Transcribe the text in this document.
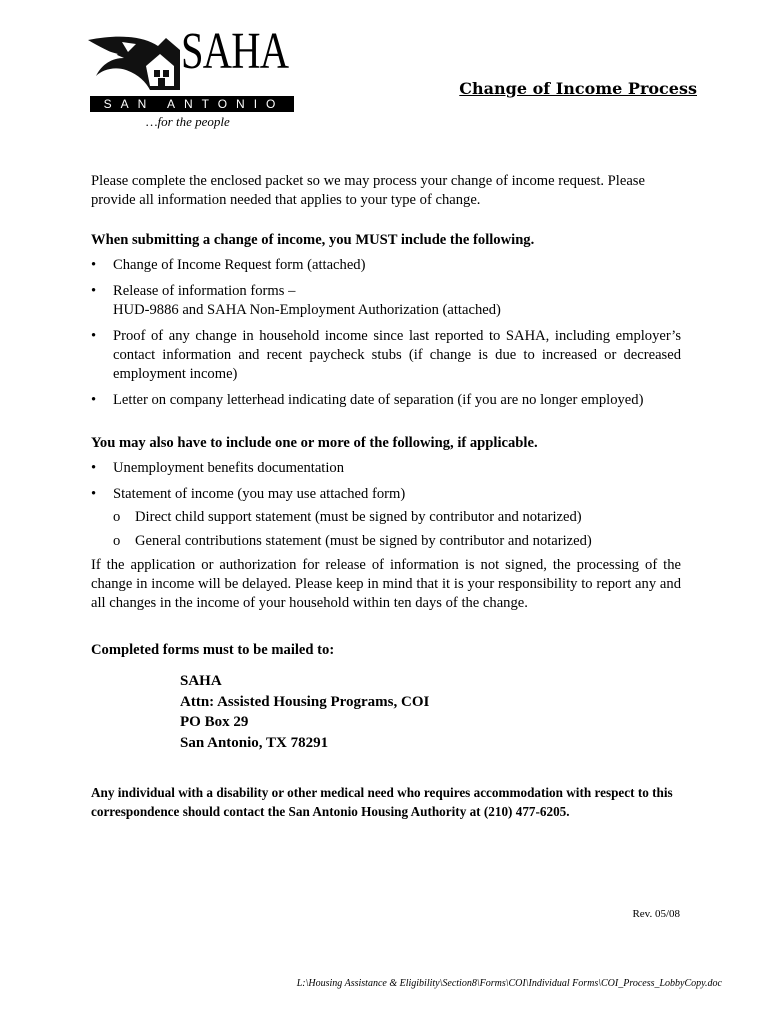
SAHA
SAN ANTONIO
…for the people
Change of Income Process

Please complete the enclosed packet so we may process your change of income request. Please provide all information needed that applies to your type of change.

When submitting a change of income, you MUST include the following.

•	Change of Income Request form (attached)
•	Release of information forms –
HUD-9886 and SAHA Non-Employment Authorization (attached)
•	Proof of any change in household income since last reported to SAHA, including employer’s contact information and recent paycheck stubs (if change is due to increased or decreased employment income)
•	Letter on company letterhead indicating date of separation (if you are no longer employed)

You may also have to include one or more of the following, if applicable.

•	Unemployment benefits documentation
•	Statement of income (you may use attached form)
o Direct child support statement (must be signed by contributor and notarized)
o General contributions statement (must be signed by contributor and notarized)

If the application or authorization for release of information is not signed, the processing of the change in income will be delayed. Please keep in mind that it is your responsibility to report any and all changes in the income of your household within ten days of the change.

Completed forms must to be mailed to:

SAHA
Attn: Assisted Housing Programs, COI
PO Box 29
San Antonio, TX 78291

Any individual with a disability or other medical need who requires accommodation with respect to this correspondence should contact the San Antonio Housing Authority at (210) 477-6205.

Rev. 05/08
L:\Housing Assistance & Eligibility\Section8\Forms\COI\Individual Forms\COI_Process_LobbyCopy.doc
